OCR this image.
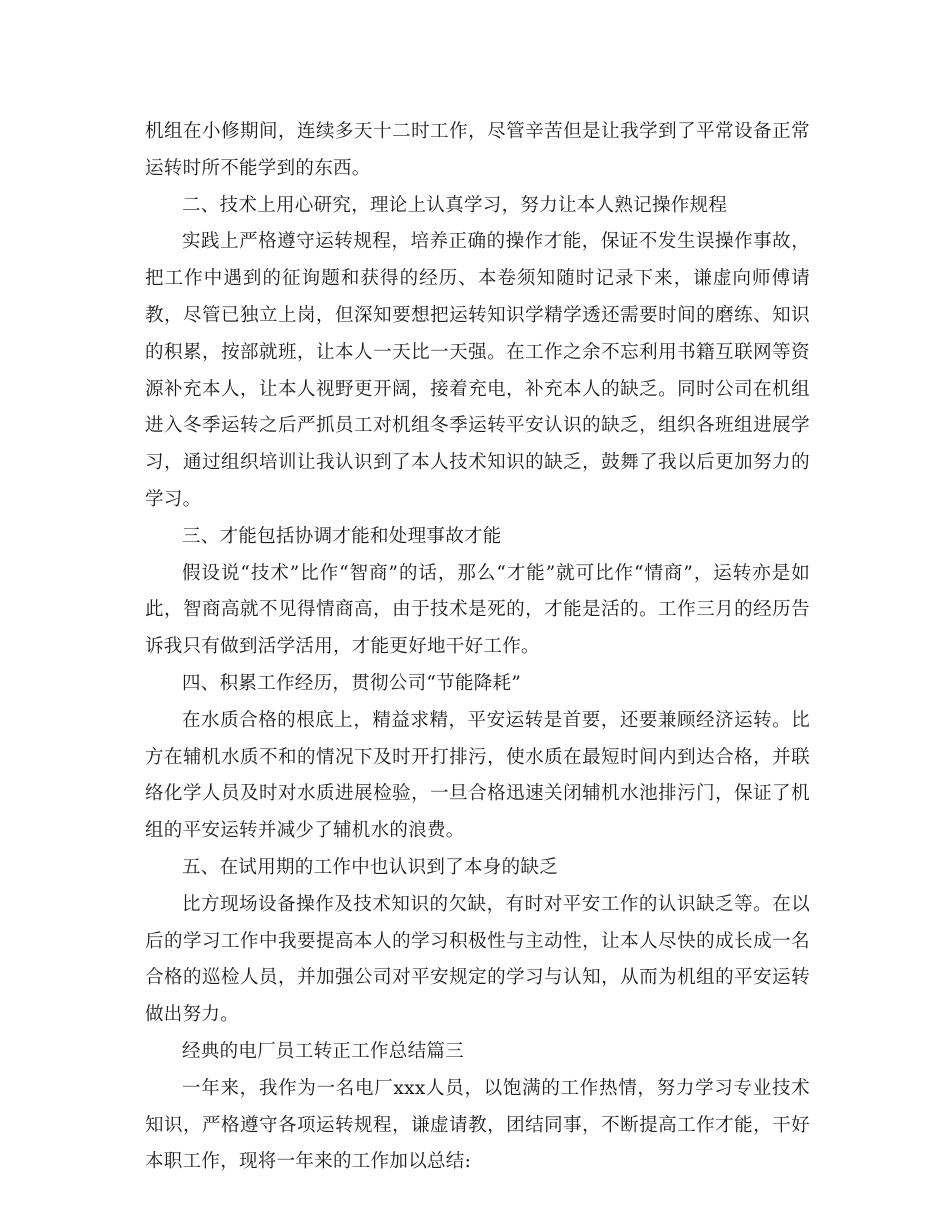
机组在小修期间，连续多天十二时工作，尽管辛苦但是让我学到了平常设备正常运转时所不能学到的东西。

二、技术上用心研究，理论上认真学习，努力让本人熟记操作规程

实践上严格遵守运转规程，培养正确的操作才能，保证不发生误操作事故，把工作中遇到的征询题和获得的经历、本卷须知随时记录下来，谦虚向师傅请教，尽管已独立上岗，但深知要想把运转知识学精学透还需要时间的磨练、知识的积累，按部就班，让本人一天比一天强。在工作之余不忘利用书籍互联网等资源补充本人，让本人视野更开阔，接着充电，补充本人的缺乏。同时公司在机组进入冬季运转之后严抓员工对机组冬季运转平安认识的缺乏，组织各班组进展学习，通过组织培训让我认识到了本人技术知识的缺乏，鼓舞了我以后更加努力的学习。

三、才能包括协调才能和处理事故才能

假设说“技术”比作“智商”的话，那么“才能”就可比作“情商”，运转亦是如此，智商高就不见得情商高，由于技术是死的，才能是活的。工作三月的经历告诉我只有做到活学活用，才能更好地干好工作。

四、积累工作经历，贯彻公司“节能降耗”

在水质合格的根底上，精益求精，平安运转是首要，还要兼顾经济运转。比方在辅机水质不和的情况下及时开打排污，使水质在最短时间内到达合格，并联络化学人员及时对水质进展检验，一旦合格迅速关闭辅机水池排污门，保证了机组的平安运转并减少了辅机水的浪费。

五、在试用期的工作中也认识到了本身的缺乏

比方现场设备操作及技术知识的欠缺，有时对平安工作的认识缺乏等。在以后的学习工作中我要提高本人的学习积极性与主动性，让本人尽快的成长成一名合格的巡检人员，并加强公司对平安规定的学习与认知，从而为机组的平安运转做出努力。

经典的电厂员工转正工作总结篇三

一年来，我作为一名电厂xxx人员，以饱满的工作热情，努力学习专业技术知识，严格遵守各项运转规程，谦虚请教，团结同事，不断提高工作才能，干好本职工作，现将一年来的工作加以总结:
